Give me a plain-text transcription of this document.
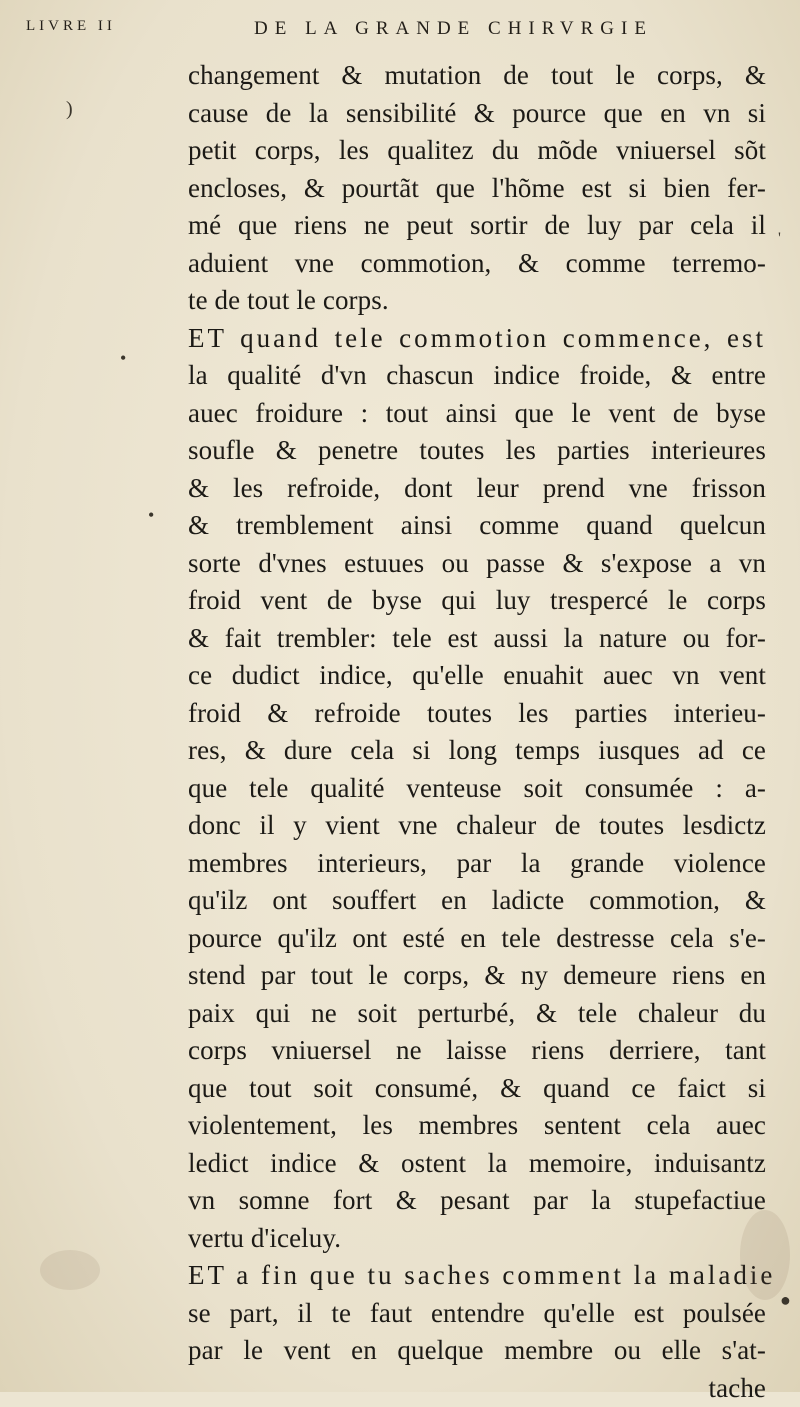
LIVRE II	DE LA GRANDE CHIRVRGIE
changement & mutation de tout le corps, &
cause de la sensibilité & pource que en vn si
petit corps, les qualitez du mõde vniuersel sõt
encloses, & pourtãt que l'hõme est si bien fer-
mé que riens ne peut sortir de luy par cela il
aduient vne commotion, & comme terremo-
te de tout le corps.
ET quand tele commotion commence, est
la qualité d'vn chascun indice froide, & entre
auec froidure : tout ainsi que le vent de byse
soufle & penetre toutes les parties interieures
& les refroide, dont leur prend vne frisson
& tremblement ainsi comme quand quelcun
sorte d'vnes estuues ou passe & s'expose a vn
froid vent de byse qui luy trespercé le corps
& fait trembler: tele est aussi la nature ou for-
ce dudict indice, qu'elle enuahit auec vn vent
froid & refroide toutes les parties interieu-
res, & dure cela si long temps iusques ad ce
que tele qualité venteuse soit consumée : a-
donc il y vient vne chaleur de toutes lesdictz
membres interieurs, par la grande violence
qu'ilz ont souffert en ladicte commotion, &
pource qu'ilz ont esté en tele destresse cela s'e-
stend par tout le corps, & ny demeure riens en
paix qui ne soit perturbé, & tele chaleur du
corps vniuersel ne laisse riens derriere, tant
que tout soit consumé, & quand ce faict si
violentement, les membres sentent cela auec
ledict indice & ostent la memoire, induisantz
vn somne fort & pesant par la stupefactiue
vertu d'iceluy.
ET a fin que tu saches comment la maladie
se part, il te faut entendre qu'elle est poulsée
par le vent en quelque membre ou elle s'at-
tache
)
•
•
'
●
